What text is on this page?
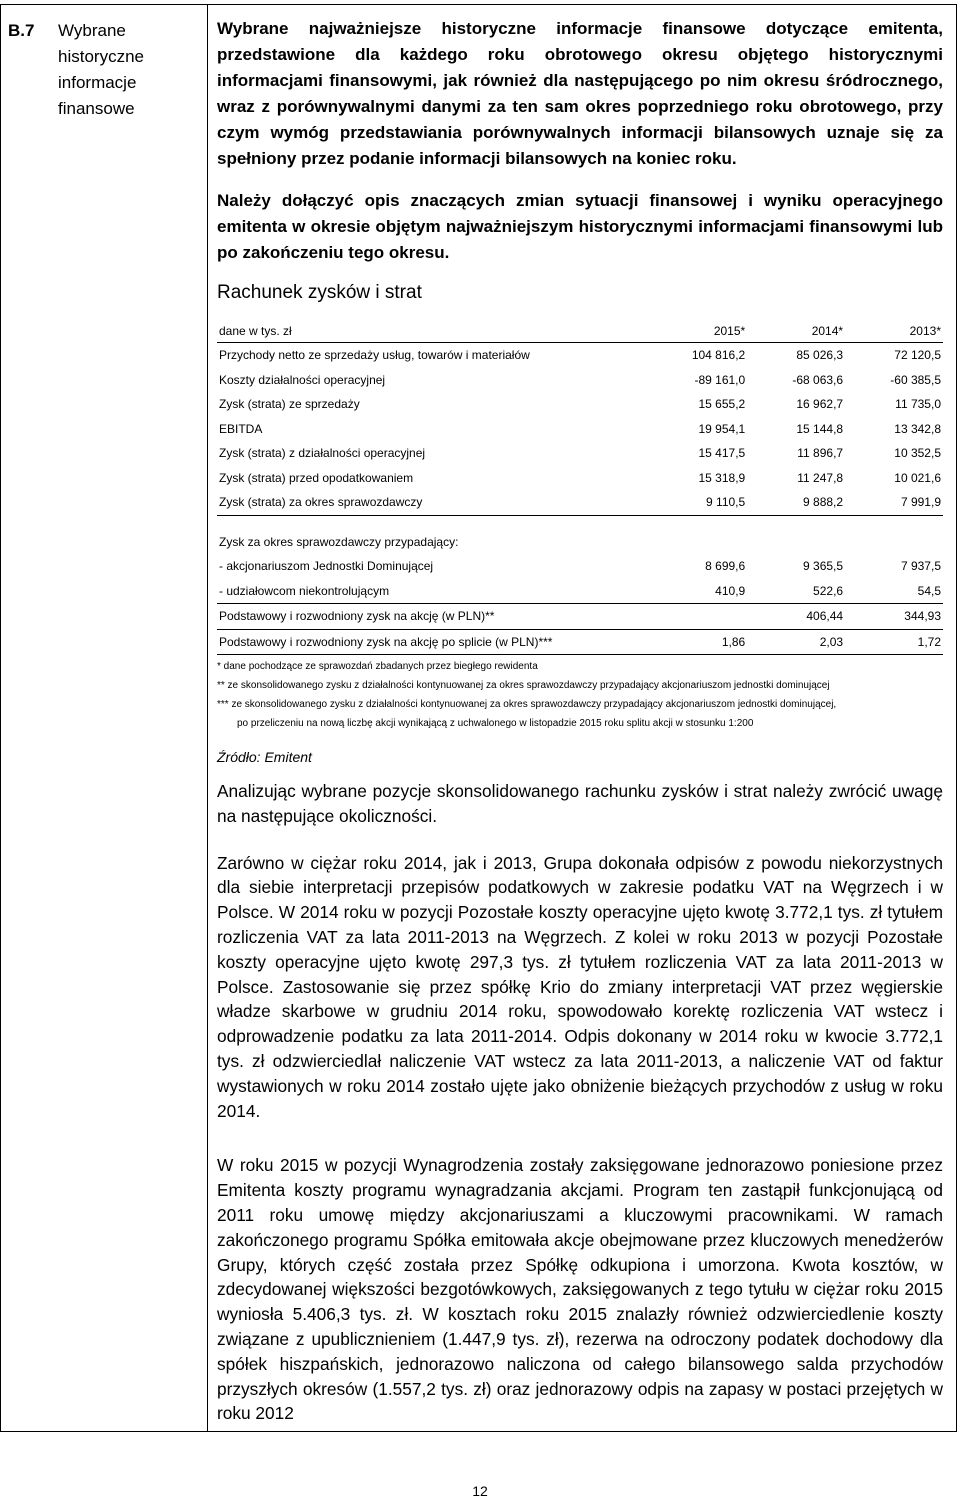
B.7 Wybrane historyczne informacje finansowe

Wybrane najważniejsze historyczne informacje finansowe dotyczące emitenta, przedstawione dla każdego roku obrotowego okresu objętego historycznymi informacjami finansowymi, jak również dla następującego po nim okresu śródrocznego, wraz z porównywalnymi danymi za ten sam okres poprzedniego roku obrotowego, przy czym wymóg przedstawiania porównywalnych informacji bilansowych uznaje się za spełniony przez podanie informacji bilansowych na koniec roku.

Należy dołączyć opis znaczących zmian sytuacji finansowej i wyniku operacyjnego emitenta w okresie objętym najważniejszym historycznymi informacjami finansowymi lub po zakończeniu tego okresu.

Rachunek zysków i strat
dane w tys. zł	2015*	2014*	2013*
Przychody netto ze sprzedaży usług, towarów i materiałów	104 816,2	85 026,3	72 120,5
Koszty działalności operacyjnej	-89 161,0	-68 063,6	-60 385,5
Zysk (strata) ze sprzedaży	15 655,2	16 962,7	11 735,0
EBITDA	19 954,1	15 144,8	13 342,8
Zysk (strata) z działalności operacyjnej	15 417,5	11 896,7	10 352,5
Zysk (strata) przed opodatkowaniem	15 318,9	11 247,8	10 021,6
Zysk (strata) za okres sprawozdawczy	9 110,5	9 888,2	7 991,9

Zysk za okres sprawozdawczy przypadający:			
- akcjonariuszom Jednostki Dominującej	8 699,6	9 365,5	7 937,5
- udziałowcom niekontrolującym	410,9	522,6	54,5
Podstawowy i rozwodniony zysk na akcję (w PLN)**		406,44	344,93
Podstawowy i rozwodniony zysk na akcję po splicie (w PLN)***	1,86	2,03	1,72
* dane pochodzące ze sprawozdań zbadanych przez biegłego rewidenta
** ze skonsolidowanego zysku z działalności kontynuowanej za okres sprawozdawczy przypadający akcjonariuszom jednostki dominującej
*** ze skonsolidowanego zysku z działalności kontynuowanej za okres sprawozdawczy przypadający akcjonariuszom jednostki dominującej,
po przeliczeniu na nową liczbę akcji wynikającą z uchwalonego w listopadzie 2015 roku splitu akcji w stosunku 1:200
Źródło: Emitent

Analizując wybrane pozycje skonsolidowanego rachunku zysków i strat należy zwrócić uwagę na następujące okoliczności.

Zarówno w ciężar roku 2014, jak i 2013, Grupa dokonała odpisów z powodu niekorzystnych dla siebie interpretacji przepisów podatkowych w zakresie podatku VAT na Węgrzech i w Polsce. W 2014 roku w pozycji Pozostałe koszty operacyjne ujęto kwotę 3.772,1 tys. zł tytułem rozliczenia VAT za lata 2011-2013 na Węgrzech. Z kolei w roku 2013 w pozycji Pozostałe koszty operacyjne ujęto kwotę 297,3 tys. zł tytułem rozliczenia VAT za lata 2011-2013 w Polsce. Zastosowanie się przez spółkę Krio do zmiany interpretacji VAT przez węgierskie władze skarbowe w grudniu 2014 roku, spowodowało korektę rozliczenia VAT wstecz i odprowadzenie podatku za lata 2011-2014. Odpis dokonany w 2014 roku w kwocie 3.772,1 tys. zł odzwierciedlał naliczenie VAT wstecz za lata 2011-2013, a naliczenie VAT od faktur wystawionych w roku 2014 zostało ujęte jako obniżenie bieżących przychodów z usług w roku 2014.

W roku 2015 w pozycji Wynagrodzenia zostały zaksięgowane jednorazowo poniesione przez Emitenta koszty programu wynagradzania akcjami. Program ten zastąpił funkcjonującą od 2011 roku umowę między akcjonariuszami a kluczowymi pracownikami. W ramach zakończonego programu Spółka emitowała akcje obejmowane przez kluczowych menedżerów Grupy, których część została przez Spółkę odkupiona i umorzona. Kwota kosztów, w zdecydowanej większości bezgotówkowych, zaksięgowanych z tego tytułu w ciężar roku 2015 wyniosła 5.406,3 tys. zł. W kosztach roku 2015 znalazły również odzwierciedlenie koszty związane z upublicznieniem (1.447,9 tys. zł), rezerwa na odroczony podatek dochodowy dla spółek hiszpańskich, jednorazowo naliczona od całego bilansowego salda przychodów przyszłych okresów (1.557,2 tys. zł) oraz jednorazowy odpis na zapasy w postaci przejętych w roku 2012

12
